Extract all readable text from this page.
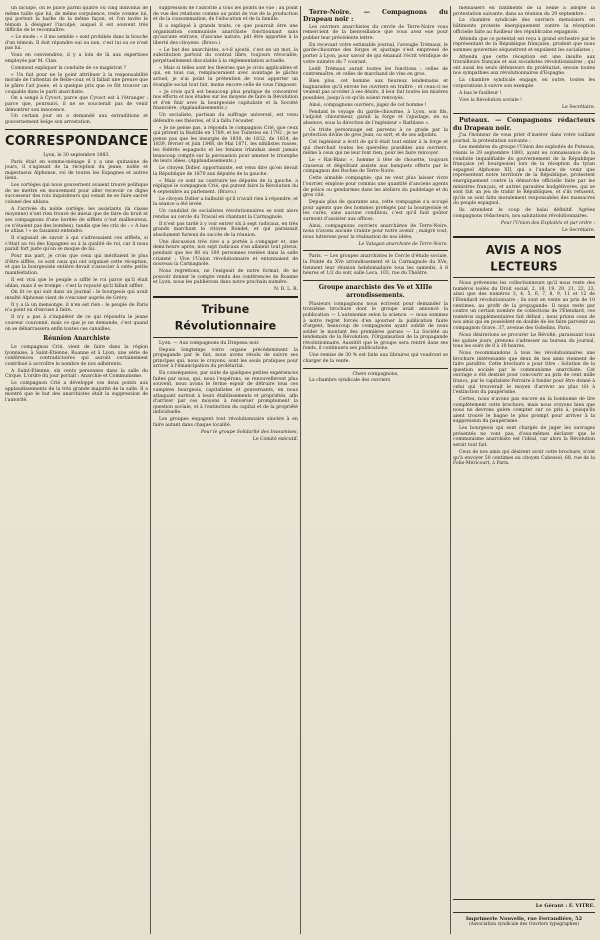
un inculpé, on le place parmi quatre ou cinq individus de même taille que lui, de même corpulence, reste comme lui, qui portent la barbe de la même façon, et l'on invite le témoin à désigner l'inculpé, auquel il est souvent très difficile de le reconnaître.

« Le mode : « il me semble » sont prohibés dans la bouche d'un témoin. Il doit répondre oui ou non, c'est lui ou ce n'est pas lui.

Vous en conviendrez, il y a loin de là aux expertises employés par M. Clan.

Comment expliquer la conduite de ce magistrat ?

« Un fait pour ne le point attribuer à la responsabilité morale de l'attentat de Belle-cour, et il fallait une preuve que le pâtre l'ait jouée, et à quelque prix que ce fût trouver un coupable dans le parti anarchiste.

On a songé à Cyvoct, parce que Cyvoct est à l'étranger ; parce que, poursuivi, il ne se soucierait pas de venir démontrer son innocence.

Un certain jour on a demandé aux extraditions et gouvernement belge son arrestation.

CORRESPONDANCE

Lyon, le 30 septembre 1883.

Paris était en somme-ménage il y a une quinzaine de jours, il s'agissait de la réception du jeune, noble et majestueux Alphonse, roi de toutes les Espagnes et autres lieux.

Les cortèges qui nous gouvernent avaient trouvé politique de ne mettre en mouvement pour aller recevoir ce digne successeur des rois inquisiteurs qui venait de se faire sacrer colonel des uhlans.

A l'arrivée du noble cortège, les assistants (la classe moyenne) n'ont rien trouvé de mieux que de faire du bruit et ses compagnons d'une bordée de sifflets (c'est malheureux, ce n'étaient pas des bombes), tandis que les cris de : « A bas le uhlan ! » se faisaient entendre.

Il s'agissait de savoir à qui s'adressaient ces sifflets, si c'était au roi des Espagnes ou à la qualité de roi, car il nous paraît fort juste qu'on se moque de lui.

Pour ma part, je crois que ceux qui méritaient le plus d'être sifflés, ce sont ceux qui ont organisé cette réception, et que la bourgeoisie entière devait s'associer à cette petite manifestation.

Il est vrai que le peuple a sifflé le roi parce qu'il était uhlan, mais il se trompe : c'est la royauté qu'il fallait siffler.

On lit ce qui suit dans un journal : le bourgeois qui avait insulté Alphonse vient de s'excuser auprès de Grévy.

Il y a là un mensonge, il n'en est rien : le peuple de Paris n'a point eu d'excuse à faire.

Il n'y a pas à s'inquiéter de ce qui répondra le jeune coureur couronné, mais ce que je ne demande, c'est quand on se débarrassera enfin toutes ces canailles.

Réunion Anarchiste

Le compagnon Crié, vient de faire dans la région lyonnaise, à Saint-Étienne, Roanne et à Lyon, une série de conférences contradictoires qui auront certainement contribué à accroître le nombre de nos adhérents.

A Saint-Étienne, six cents personnes dans la salle du Cirque. L'ordre du jour portait : Anarchie et Communisme.

Le compagnon Crié a développé ces deux points aux applaudissements de la très grande majorité de la salle. Il a montré que le but des anarchistes était la suppression de l'autorité.

suppression de l'autorité à tous les points de vue ; au point de vue des relations comme au point de vue de la production et de la consommation, de l'éducation et de la famille.

Il a expliqué à grands traits, ce que pourrait être une organisation communiste anarchiste fonctionnant sans qu'aucune entrave, d'aucune nature, pût être apportée à la liberté des citoyens. (Bravo.)

« Le but des anarchistes, a-t-il ajouté, c'est en un mot, la substitution partout du contrat libre, toujours révocable, perpétuellement discutable à la réglementation actuelle.

« Mais si telles sont les théories que je crois applicables et qui, en tous cas, remplaceraient avec avantage le gâchis actuel, je n'ai point la prétention de vous apporter un évangile social tout fait, moins encore celle de vous l'imposer.

« Je crois qu'il est beaucoup plus pratique de concentrer nos efforts et nos études sur les moyens de faire la Révolution et d'en finir avec la bourgeoisie capitaliste et la Société financière. (Applaudissements.)

Un socialiste, partisan du suffrage universel, est venu défendre ses théories, et il a fallu l'écouter.

« Je ne pense pas, a répondu le compagnon Crié, que ceux qui prirent la Bastille en 1789, et les Tuileries en 1792 ; je ne pense pas que les insurgés de 1830, de 1832, de 1834, de 1839, février et juin 1848, de Mai 1871, les nihilistes russes, les fédérés espagnols et les fenians irlandais aient jamais beaucoup compté sur la persuasion pour amener le triomphe de leurs idées. (Applaudissements.)

Le citoyen Didier, opportuniste, est venu dire qu'en devait la République de 1870 aux députés de la gauche.

« Mais ce sont au contraire les députés de la gauche, a répliqué le compagnon Crié, qui purent faire la Révolution du 4 septembre au parlement. (Bravo.)

Le citoyen Didier a balbutié qu'il n'avait rien à répondre, et la séance a été levée.

Un candidat de socialistes révolutionnaires se sont alors rendus au cercle du Travail en chantant la Carmagnole.

Il n'est pas tardé à y voir entrer six à sept radicaux, en très grands marchant le citoyen Rondet, et qui paraissait absolument furieux du succès de la réunion.

Une discussion très vive a a portée à s'engager et, une demi-heure après, nos sept radicaux s'en allaient tout piteux, pendant que les 80 ou 100 personnes restées dans la salle criaient : Vive l'Union révolutionnaire et entonnaient de nouveau la Carmagnole.

Nous regrettons, ne l'exigeait de notre format, de ne pouvoir donner le compte rendu des conférences de Roanne et Lyon, nous les publierons dans notre prochain numéro.

N. D. L. R.

Tribune Révolutionnaire

Lyon. — Aux compagnons du Drapeau noir.

Depuis longtemps votre organe précédemment la propagande par le fait, nous avons résolu de suivre ses principes qui, nous le croyons, sont les seuls pratiques pour arriver à l'émancipation du prolétariat.

En conséquence, par suite de quelques petites expériences faites par nous, qui, nous l'espérons, se renouvelleront plus souvent, nous avons le ferme espoir de détruire tous ces vampires bourgeois, capitalistes et gouvernants, en nous attaquant surtout à leurs établissements et propriétés, afin d'arriver par ces moyens à renverser promptement la question sociale, et à l'extinction du capital et de la propriété individuelle.

Les groupes engagent tout révolutionnaire sincère à en faire autant dans chaque localité.

Pour le groupe Solidarité des Insoumises,

Le Comité exécutif.

Terre-Noire. — Compagnons du Drapeau noir :

Les ouvriers anarchistes du cercle de Terre-Noire vous remercient de la bienveillance que vous avez eue pour publier leur précédente lettre.

En recevant votre estimable journal, l'aveugle Trémaux, le garde-chiourme des forges et ajustage s'est empressé de porter à Lyon, pour savoir de qui émanait l'écrit véridique de votre numéro du 7 courant.

Ledit Trémaux aurait toutes les fonctions : celles de contremaître, et celles de marchand de vins en gros.

Bien plus, cet homme aux heureux lendemains et bagnarades qu'il envoie les ouvriers en traître ; et ceux-ci ne veulent pas accéder à ses désirs, il leur fait toutes les misères possibles, jusqu'à ce qu'ils soient renvoyés.

Ainsi, compagnons ouvriers, jugez de cet homme !

Pendant le voyage du garde-chiourme, à Lyon, son fils, l'adjoint chiourmeur, garait la forge et l'ajustage, en sa absence, sous la direction de l'ingénieur « Ratblane ».

Ce triste personnage est parvenu à ce grade par la protection divine de gros Jean, ou sort, et de ses adjoints.

Cet ingénieur a écrit de qu'il était tout entier à la forge et qui cherchait toutes les querelles possibles aux ouvriers, même à ceux qui ne leur font rien, pour les faire renvoyer.

Le « Rat-Blanc », homme à tête de chouette, toujours crasseux et dégoûtant assiste aux banquets offerts par le compagnon des Roches de Terre-Noire.

Cette aimable compagnie, qui ne veut plus laisser vivre l'ouvrier, emploie pour commis une quantité d'anciens agents de police ou gendarmes dans les ateliers du puddelage et du gros cité.

Depuis plus de quarante ans, cette compagnie s'a occupé pour agents que des hommes protégés par la bourgeoisie et les curés, sans aucune condition, c'est qu'il faut goûter surmont d'assister aux offices.

Ainsi, compagnons ouvriers anarchistes de Terre-Noire, nous n'avons aucune crainte pour notre avenir ; malgré tout, nous lutterons pour la réalisation de nos idées.

Le Vatagan anarchiste de Terre-Noire.

Paris. — Les groupes anarchistes le Cercle d'étude sociale, la Pointe du XVe arrondissement et la Carmagnole du XVe, tiennent leur réunion hebdomadaire tous les samedis, à 8 heures et 1/2 du soir, salle Leca, 103, rue du Théâtre.

Groupe anarchiste des Ve et XIIIe arrondissements.

Plusieurs compagnons nous écrivent pour demander la troisième brochure dont le groupe avait annoncé la publication — L'autonomie selon la science. — nous sommes à notre regret forcés d'en ajourner la publication faute d'argent, beaucoup de compagnons ayant oublié de nous solder le montant des premières parues — La Société au lendemain de la Révolution, l'Organisation de la propagande révolutionnaire. Aussitôt que le groupe sera rentré dans ses fonds, il continuera ses publications.

Une remise de 30 % est faite aux libraires qui voudront se charger de la vente.

Chers compagnons,

La chambre syndicale des ouvriers

menuisiers en bâtiments de la Seine a adopté la protestation suivante, dans sa réunion du 29 septembre :

La chambre syndicale des ouvriers menuisiers en bâtiments proteste énergiquement contre la réception officielle faite au fusilleur des républicains espagnols.

Attendu que ce potentat est reçu à grand orchestre par le représentant de la République française, prudent que nous sommes gouvernés séquestrent et expulsent les socialistes ;

Attendu que cette réception est une insulte aux travailleurs français et aux socialistes révolutionnaires ; qui ont aussi les seuls défenseurs du prolétariat, envoie toutes nos sympathies aux révolutionnaires d'Espagne.

La chambre syndicale engage, en outre, toutes les corporations à suivre son exemple.

A bas le fusilleur !

Vive la Révolution sociale !

Le Secrétaire.

Puteaux. — Compagnons rédacteurs du Drapeau noir.

J'ai l'honneur de vous prier d'insérer dans votre vaillant journal, la protestation suivante :

Les membres du groupe l'Union des exploités de Puteaux, réunis le 29 septembre 1883, ayant eu connaissance de la conduite inqualifiable du gouvernement de la République française (et bourgeoise) lors de la réception du tyran espagnol Alphonse XII, qui a l'audace de venir que représentent notre territoire de la République, protestent énergiquement contre la démarche officielle faite par les ministres français, et autres parasites budgétivores, qui se sont fait un jeu de trahir le Républiques, et s'ils refusent, qu'ils se sont faits moralement responsables des massacres du peuple espagnol.

Ils attendent le coup de balai définitif. Agréez compagnons rédacteurs, nos salutations révolutionnaires.

Pour l'Union des Exploités et par ordre :

Le Secrétaire.

AVIS A NOS LECTEURS

Nous prévenons les collectionneurs qu'il nous reste des numéros isolés du Droit social, 2, 18, 19, 20, 21, 22, 23, ainsi que des numéros 3, 4, 5, 6, 7, 8, 9, 11 et 12 de l'Étendard révolutionnaire ; ils sont en vente au prix de 10 centimes, au profit de la propagande. Il nous reste par contre un certain nombre de collections de l'Étendard, ces numéros supplémentaires fait défaut ; nous prions ceux de nos amis qui en possèdent en double de les faire parvenir au compagnon Grave, 37, avenue des Gobelins, Paris.

Nous désirerions se procurer Le Révolté, paraissant tous les quinze jours, prenons s'adresser au bureau du journal, tous les soirs de 8 à 10 heures.

Nous recommandons à tous les révolutionnaires une brochure intéressante que deux de nos amis viennent de faire paraître. Cette brochure a pour titre : Solution de la question sociale par le communisme anarchiste. Cet ouvrage a été destiné pour concourir au prix de cent mille francs, par le capitaliste Perraire à fonder pour être donné à celui qui trouverait le moyen d'arriver au plus tôt à l'extinction du paupérisme.

Certes, nous n'avons pas encore en la bonhomie de lire complètement cette brochure, mais nous croyons bien que nous ne devrons guère compter sur ce prix à, puisqu'ils aient trouvé le bagne le plus prompt pour arriver à la suppression du paupérisme.

Les bourgeois qui sont chargés de juger les ouvrages présentés ne vont pas, d'eux-mêmes déclarer que le communisme anarchiste est l'idéal, car alors la Révolution serait tout fait.

Ceux de nos amis qui désirent avoir cette brochure, n'ont qu'à envoyer 50 centimes au citoyen Cabessol, 68, rue de la Folie-Méricourt, à Paris.

Le Gérant : F. VITRE.
Imprimerie Nouvelle, rue Ferrandière, 52
(Association syndicale des Ouvriers typographes)
